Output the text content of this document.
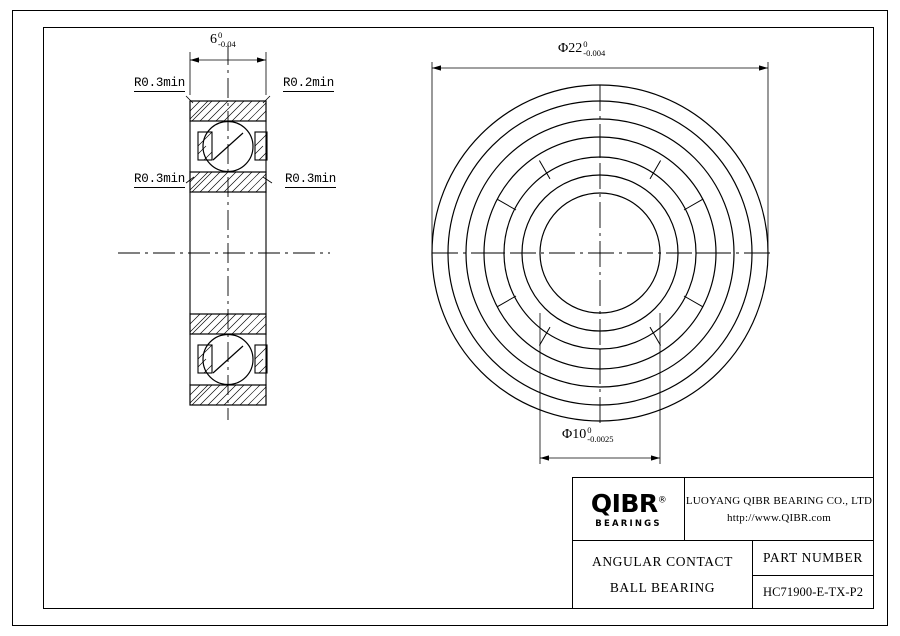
6 0
-0.04
R0.3min	R0.2min
R0.3min	R0.3min
Φ22 0
-0.004
Φ10 0
-0.0025
QIBR®
BEARINGS
LUOYANG QIBR BEARING CO., LTD
http://www.QIBR.com
ANGULAR CONTACT
BALL BEARING
PART NUMBER
HC71900-E-TX-P2
